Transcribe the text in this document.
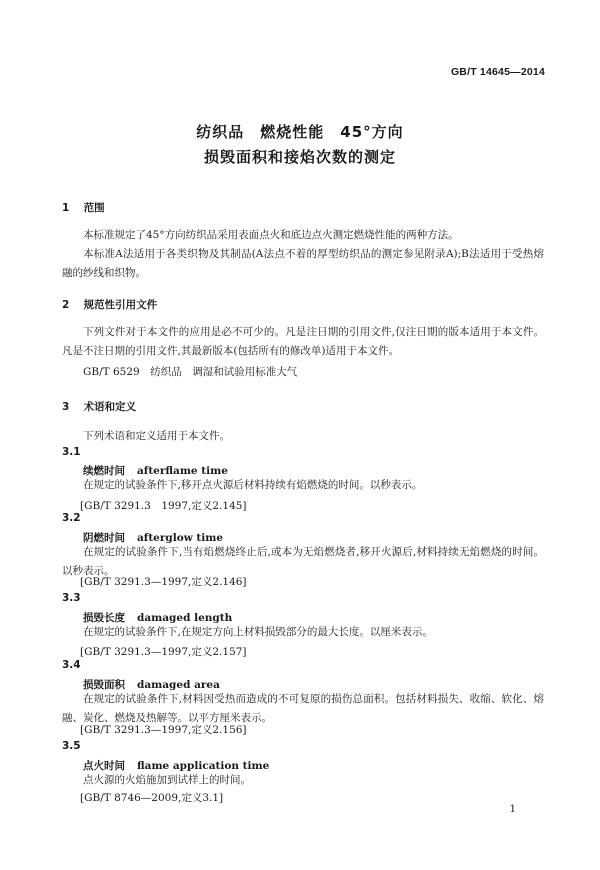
GB/T 14645—2014
纺织品　燃烧性能　45°方向
损毁面积和接焰次数的测定
1 范围
本标准规定了45°方向纺织品采用表面点火和底边点火测定燃烧性能的两种方法。
本标准A法适用于各类织物及其制品(A法点不着的厚型纺织品的测定参见附录A);B法适用于受热熔融的纱线和织物。
2 规范性引用文件
下列文件对于本文件的应用是必不可少的。凡是注日期的引用文件,仅注日期的版本适用于本文件。凡是不注日期的引用文件,其最新版本(包括所有的修改单)适用于本文件。
GB/T 6529　纺织品　调湿和试验用标准大气
3 术语和定义
下列术语和定义适用于本文件。
3.1
续燃时间 afterflame time
在规定的试验条件下,移开点火源后材料持续有焰燃烧的时间。以秒表示。
[GB/T 3291.3　1997,定义2.145]
3.2
阴燃时间 afterglow time
在规定的试验条件下,当有焰燃烧终止后,或本为无焰燃烧者,移开火源后,材料持续无焰燃烧的时间。以秒表示。
[GB/T 3291.3—1997,定义2.146]
3.3
损毁长度 damaged length
在规定的试验条件下,在规定方向上材料损毁部分的最大长度。以厘米表示。
[GB/T 3291.3—1997,定义2.157]
3.4
损毁面积 damaged area
在规定的试验条件下,材料因受热而造成的不可复原的损伤总面积。包括材料损失、收缩、软化、熔融、炭化、燃烧及热解等。以平方厘米表示。
[GB/T 3291.3—1997,定义2.156]
3.5
点火时间 flame application time
点火源的火焰施加到试样上的时间。
[GB/T 8746—2009,定义3.1]
1
